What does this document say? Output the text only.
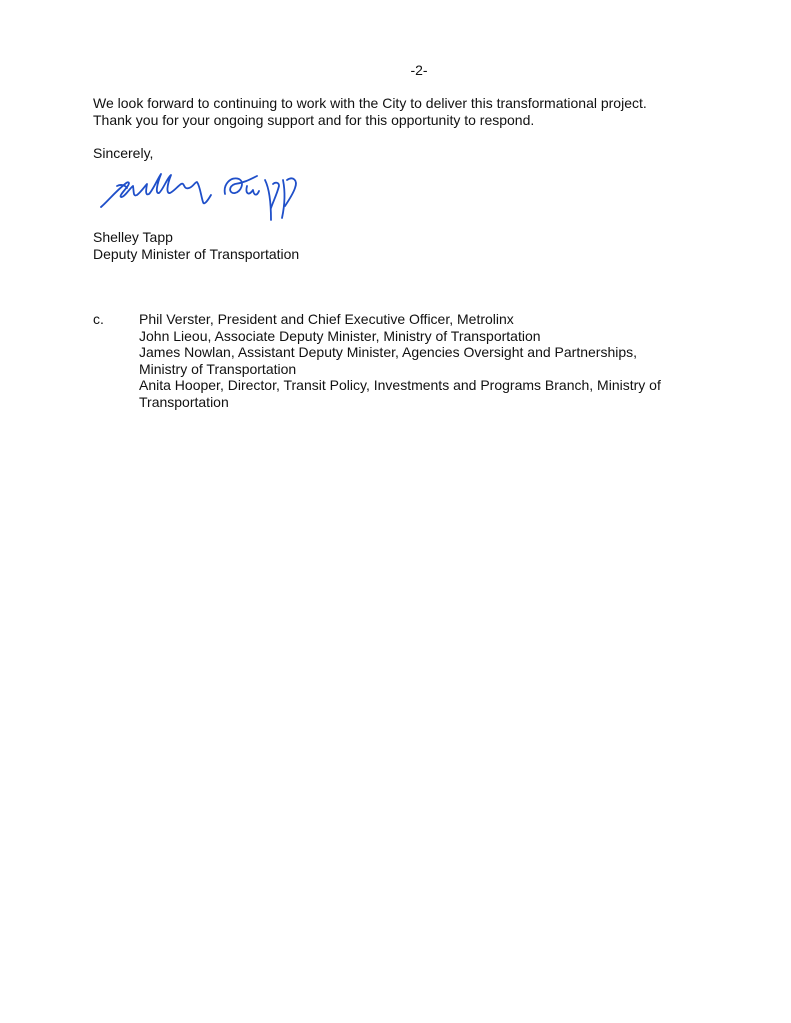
-2-
We look forward to continuing to work with the City to deliver this transformational project.
Thank you for your ongoing support and for this opportunity to respond.
Sincerely,
Shelley Tapp
Deputy Minister of Transportation
c.	Phil Verster, President and Chief Executive Officer, Metrolinx
John Lieou, Associate Deputy Minister, Ministry of Transportation
James Nowlan, Assistant Deputy Minister, Agencies Oversight and Partnerships,
Ministry of Transportation
Anita Hooper, Director, Transit Policy, Investments and Programs Branch, Ministry of
Transportation
